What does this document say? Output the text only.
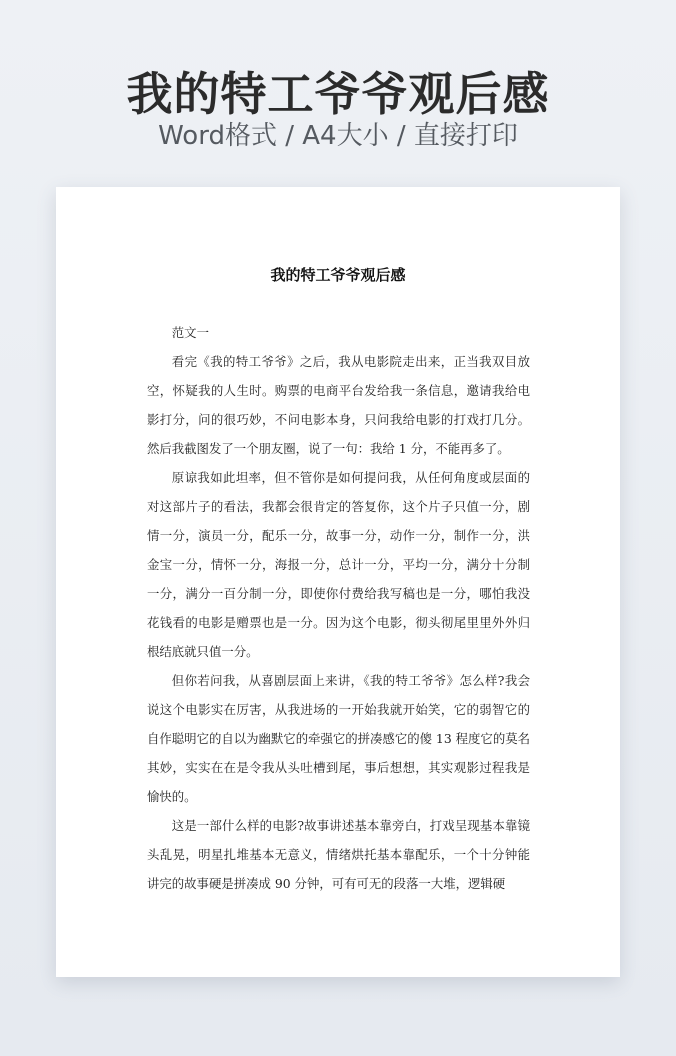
我的特工爷爷观后感
Word格式 / A4大小 / 直接打印
我的特工爷爷观后感

范文一

看完《我的特工爷爷》之后，我从电影院走出来，正当我双目放空，怀疑我的人生时。购票的电商平台发给我一条信息，邀请我给电影打分，问的很巧妙，不问电影本身，只问我给电影的打戏打几分。然后我截图发了一个朋友圈，说了一句：我给 1 分，不能再多了。

原谅我如此坦率，但不管你是如何提问我，从任何角度或层面的对这部片子的看法，我都会很肯定的答复你，这个片子只值一分，剧情一分，演员一分，配乐一分，故事一分，动作一分，制作一分，洪金宝一分，情怀一分，海报一分，总计一分，平均一分，满分十分制一分，满分一百分制一分，即使你付费给我写稿也是一分，哪怕我没花钱看的电影是赠票也是一分。因为这个电影，彻头彻尾里里外外归根结底就只值一分。

但你若问我，从喜剧层面上来讲，《我的特工爷爷》怎么样?我会说这个电影实在厉害，从我进场的一开始我就开始笑，它的弱智它的自作聪明它的自以为幽默它的牵强它的拼凑感它的傻 13 程度它的莫名其妙，实实在在是令我从头吐槽到尾，事后想想，其实观影过程我是愉快的。

这是一部什么样的电影?故事讲述基本靠旁白，打戏呈现基本靠镜头乱晃，明星扎堆基本无意义，情绪烘托基本靠配乐，一个十分钟能讲完的故事硬是拼凑成 90 分钟，可有可无的段落一大堆，逻辑硬
